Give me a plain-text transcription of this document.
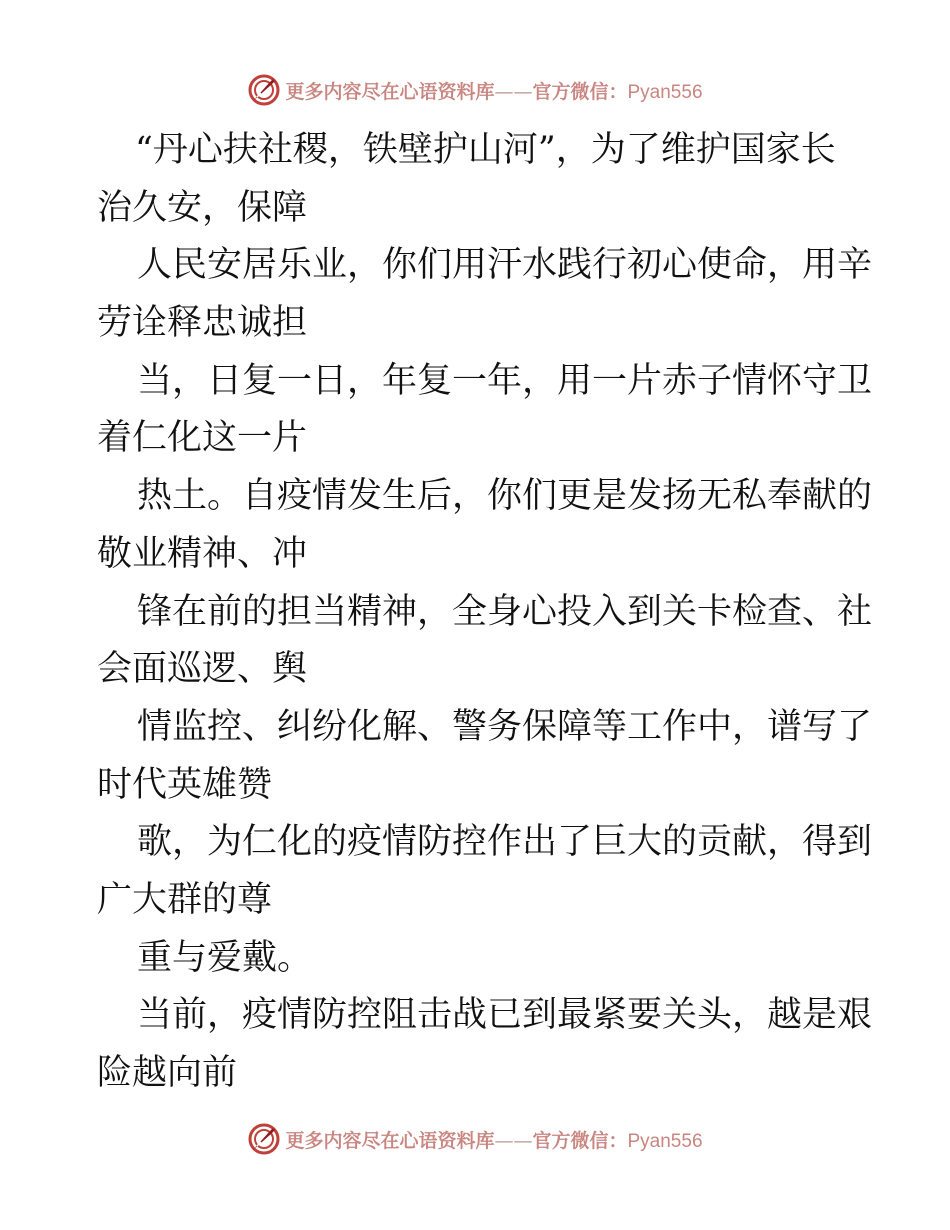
更多内容尽在心语资料库——官方微信：Pyan556
“丹心扶社稷，铁壁护山河”，为了维护国家长
治久安，保障
人民安居乐业，你们用汗水践行初心使命，用辛
劳诠释忠诚担
当，日复一日，年复一年，用一片赤子情怀守卫
着仁化这一片
热土。自疫情发生后，你们更是发扬无私奉献的
敬业精神、冲
锋在前的担当精神，全身心投入到关卡检查、社
会面巡逻、舆
情监控、纠纷化解、警务保障等工作中，谱写了
时代英雄赞
歌，为仁化的疫情防控作出了巨大的贡献，得到
广大群的尊
重与爱戴。
当前，疫情防控阻击战已到最紧要关头，越是艰
险越向前
更多内容尽在心语资料库——官方微信：Pyan556
